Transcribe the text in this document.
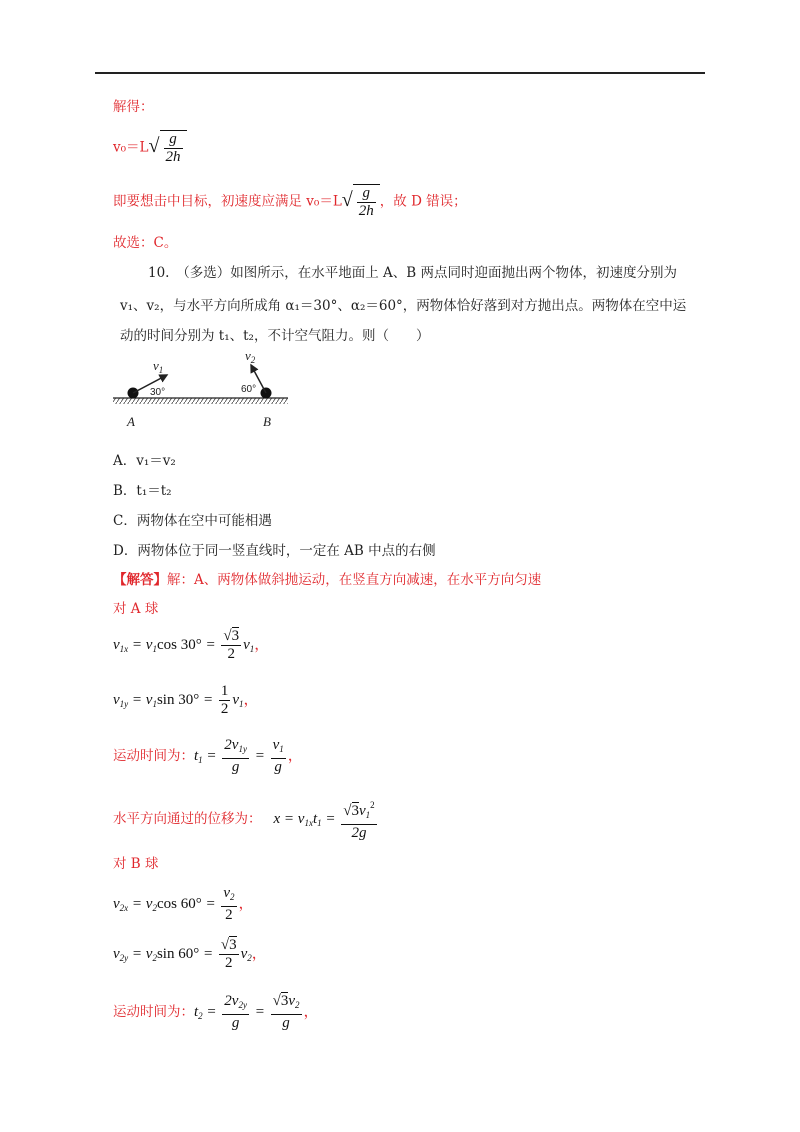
解得：
$v_0=L√ \frac{g}{2h}$
即要想击中目标，初速度应满足 $v_0=L√ \frac{g}{2h}$ ，故 D 错误；
故选：C。
10.　（多选）如图所示，在水平地面上 A、B 两点同时迎面抛出两个物体，初速度分别为
v₁、v₂，与水平方向所成角 α₁＝30°、α₂＝60°，两物体恰好落到对方抛出点。两物体在空中运
动的时间分别为 t₁、t₂，不计空气阻力。则（　　）
$v_1$
$v_2$
30°	60°
A	B
A．v₁＝v₂
B．t₁＝t₂
C．两物体在空中可能相遇
D．两物体位于同一竖直线时，一定在 AB 中点的右侧
【解答】解：A、两物体做斜抛运动，在竖直方向减速，在水平方向匀速
对 A 球
$v_{1x} = v_1\cos$ $30^\circ = \frac{√3}{2} v_1$，
$v_{1y} = v_1\sin$ $30^\circ = \frac{1}{2} v_1$，
运动时间为：$t_1 = \frac{2v_{1y}}{g} = \frac{v_1}{g}$ ，
水平方向通过的位移为： $x = v_{1x}t_1 = \frac{√3v_1^2}{2g}$
对 B 球
$v_{2x} = v_2\cos$ $60^\circ = \frac{v_2}{2}$ ，
$v_{2y} = v_2\sin$ $60^\circ = \frac{√3}{2} v_2$，
运动时间为：$t_2 = \frac{2v_{2y}}{g} = \frac{√3v_2}{g}$ ，
